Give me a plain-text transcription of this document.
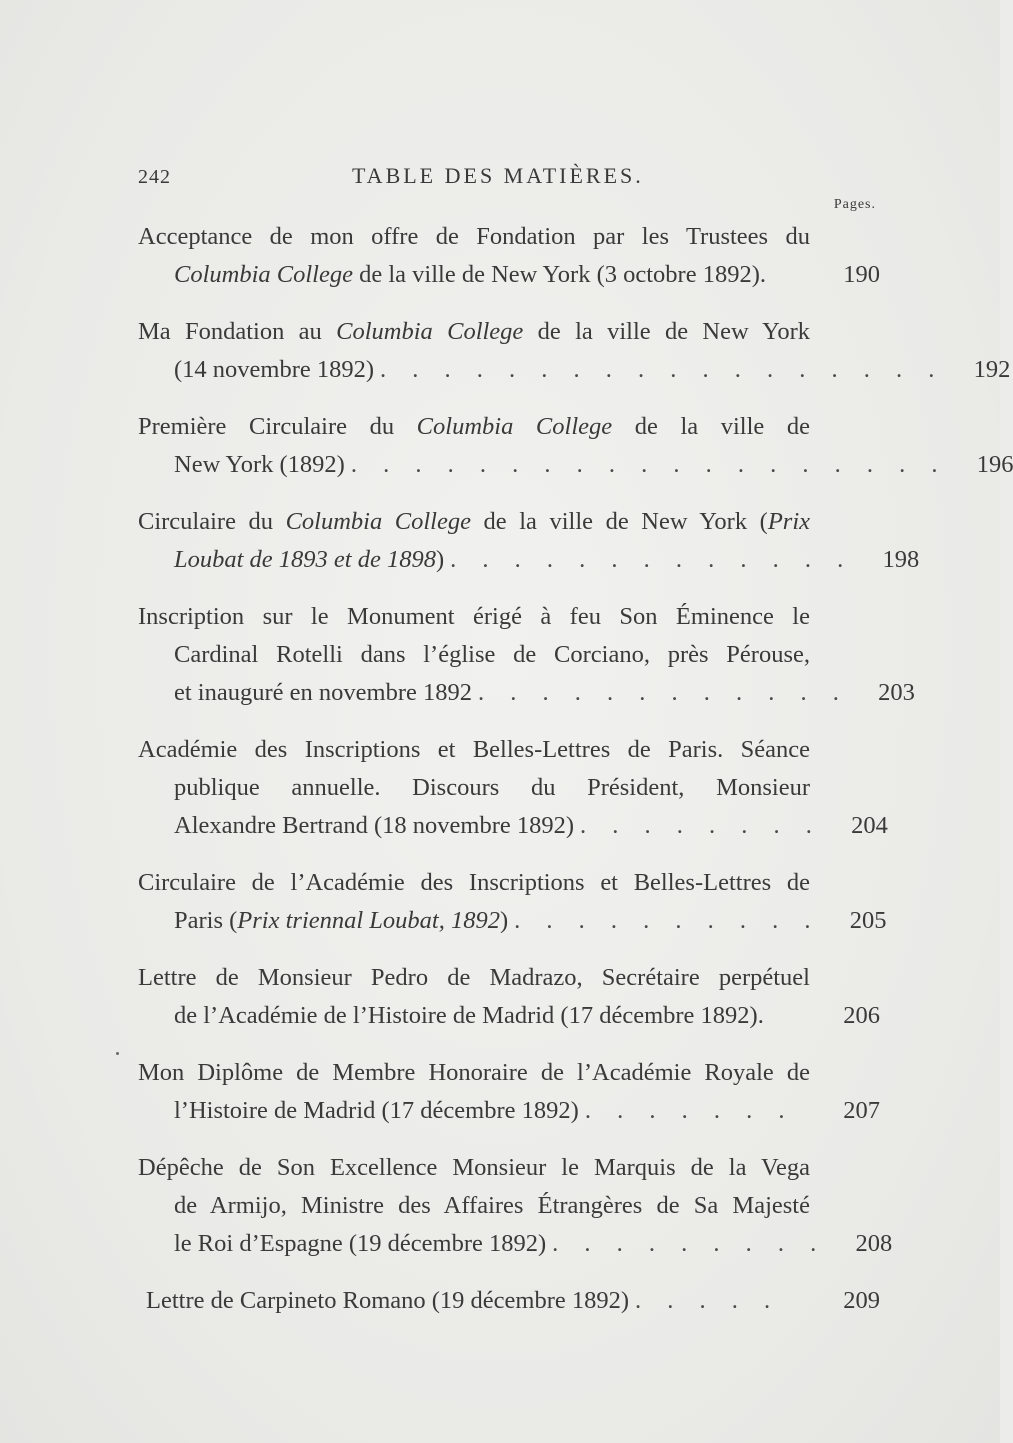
242	TABLE DES MATIÈRES.
Pages.
Acceptance de mon offre de Fondation par les Trustees du
Columbia College de la ville de New York (3 octobre 1892).	190
Ma Fondation au Columbia College de la ville de New York
(14 novembre 1892) . . . . . . . . . . . . . . . . . .	192
Première Circulaire du Columbia College de la ville de
New York (1892) . . . . . . . . . . . . . . . . . . .	196
Circulaire du Columbia College de la ville de New York (Prix
Loubat de 1893 et de 1898) . . . . . . . . . . . . .	198
Inscription sur le Monument érigé à feu Son Éminence le
Cardinal Rotelli dans l’église de Corciano, près Pérouse,
et inauguré en novembre 1892 . . . . . . . . . . . .	203
Académie des Inscriptions et Belles-Lettres de Paris. Séance
publique annuelle. Discours du Président, Monsieur
Alexandre Bertrand (18 novembre 1892) . . . . . . . .	204
Circulaire de l’Académie des Inscriptions et Belles-Lettres de
Paris (Prix triennal Loubat, 1892) . . . . . . . . . .	205
Lettre de Monsieur Pedro de Madrazo, Secrétaire perpétuel
de l’Académie de l’Histoire de Madrid (17 décembre 1892).	206
Mon Diplôme de Membre Honoraire de l’Académie Royale de
l’Histoire de Madrid (17 décembre 1892) . . . . . . .	207
Dépêche de Son Excellence Monsieur le Marquis de la Vega
de Armijo, Ministre des Affaires Étrangères de Sa Majesté
le Roi d’Espagne (19 décembre 1892) . . . . . . . . .	208
Lettre de Carpineto Romano (19 décembre 1892) . . . . .	209
